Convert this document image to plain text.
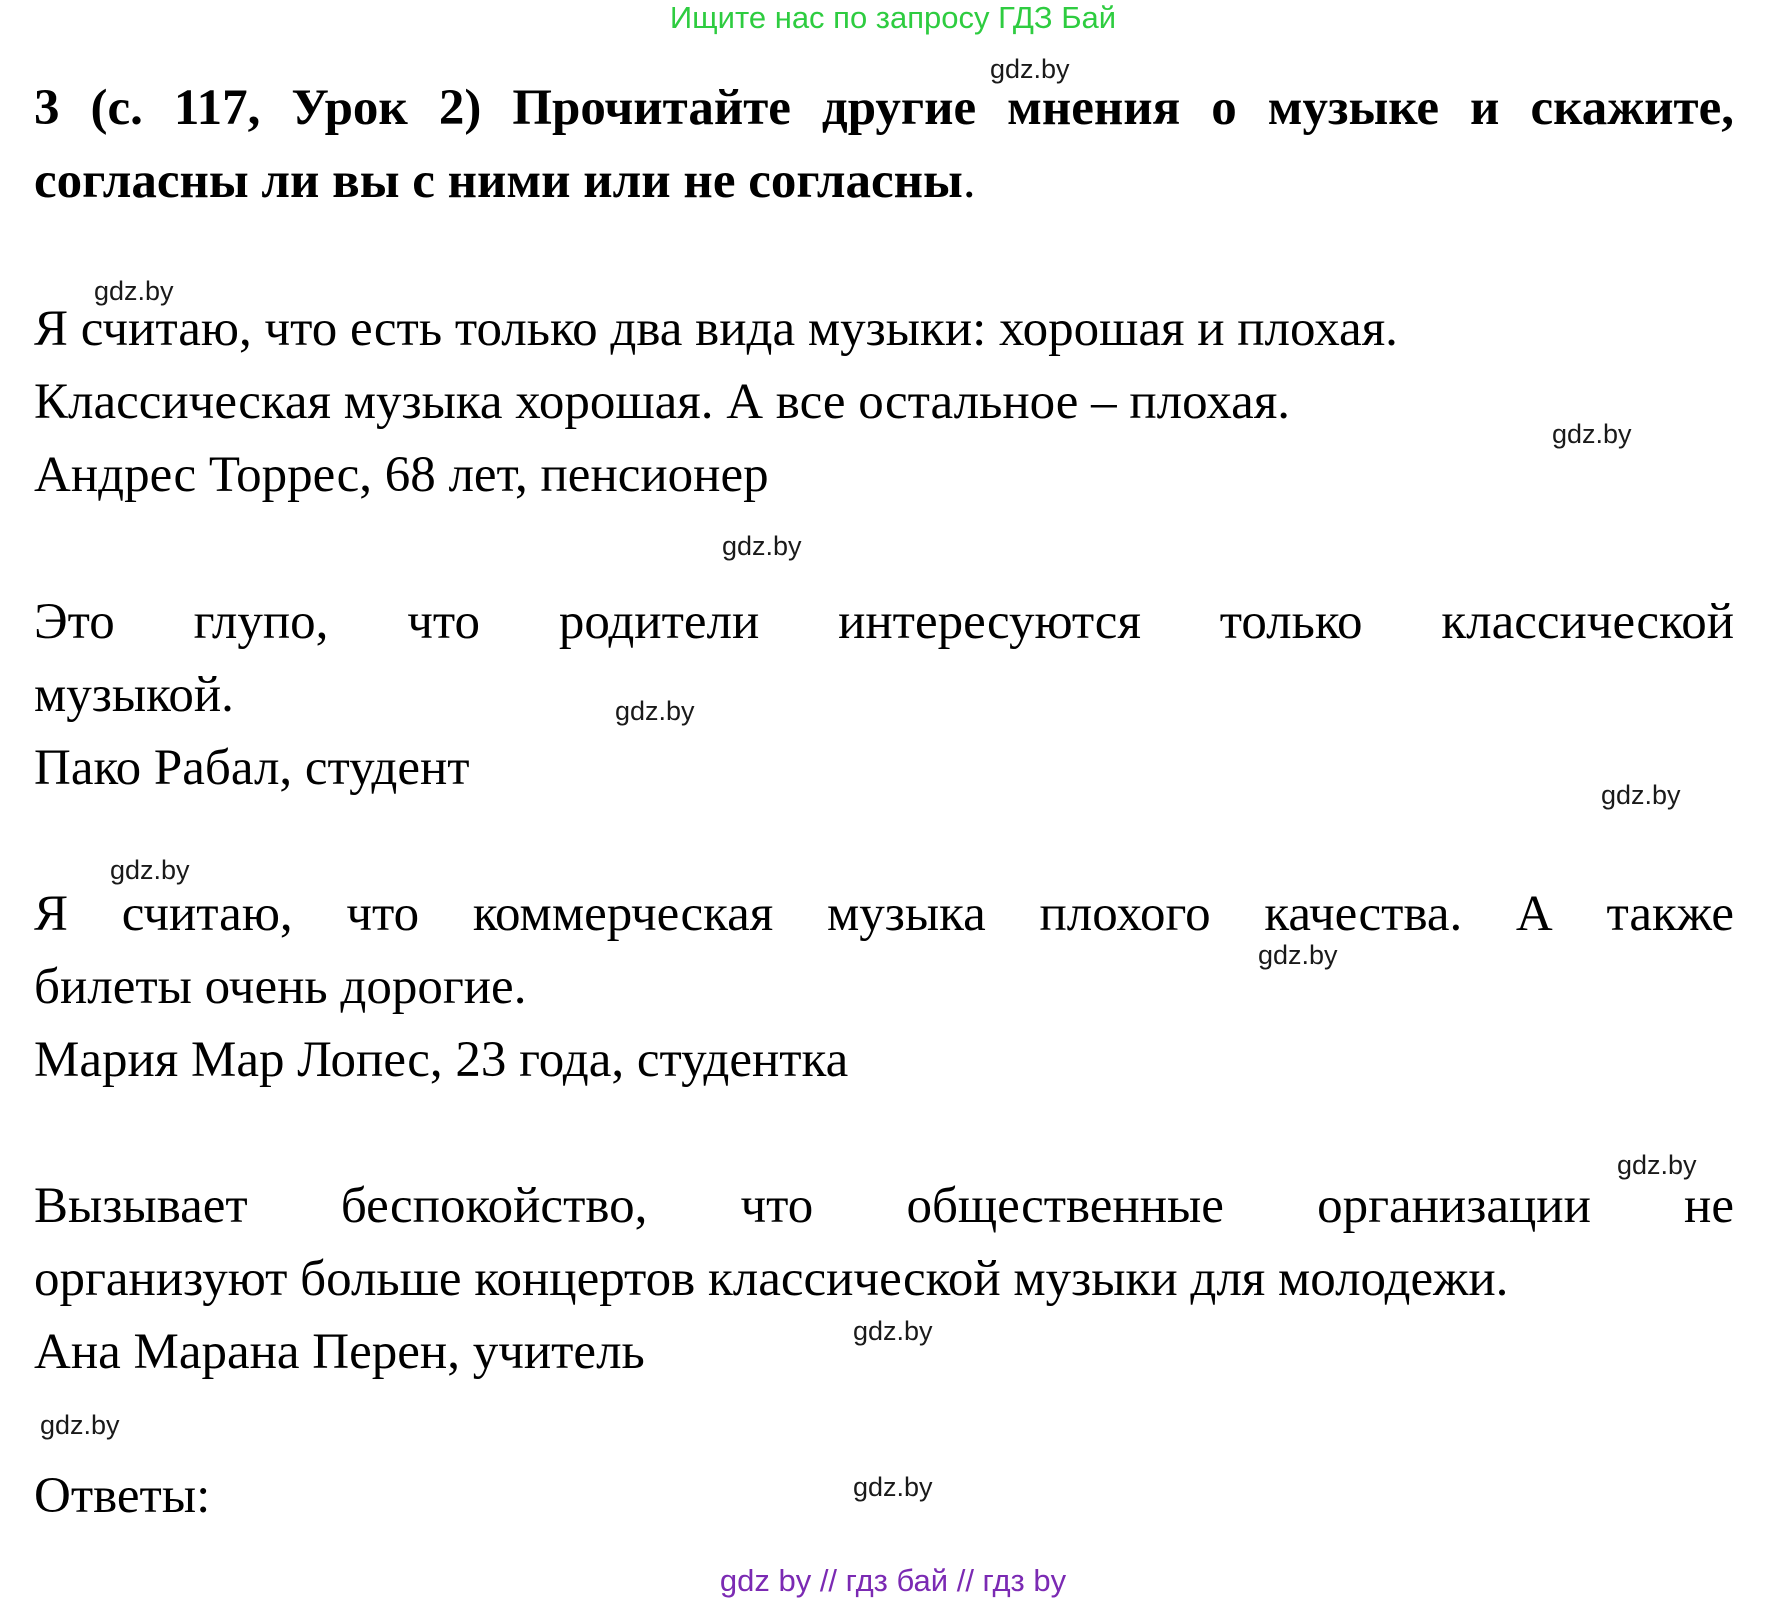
Ищите нас по запросу ГДЗ Бай
3 (с. 117, Урок 2) Прочитайте другие мнения о музыке и скажите, согласны ли вы с ними или не согласны.
Я считаю, что есть только два вида музыки: хорошая и плохая.
Классическая музыка хорошая. А все остальное – плохая.
Андрес Торрес, 68 лет, пенсионер
Это глупо, что родители интересуются только классической
музыкой.
Пако Рабал, студент
Я считаю, что коммерческая музыка плохого качества. А также
билеты очень дорогие.
Мария Мар Лопес, 23 года, студентка
Вызывает беспокойство, что общественные организации не
организуют больше концертов классической музыки для молодежи.
Ана Марана Перен, учитель
Ответы:
gdz.by
gdz.by
gdz.by
gdz.by
gdz.by
gdz.by
gdz.by
gdz.by
gdz.by
gdz.by
gdz.by
gdz.by
gdz by // гдз бай // гдз by
